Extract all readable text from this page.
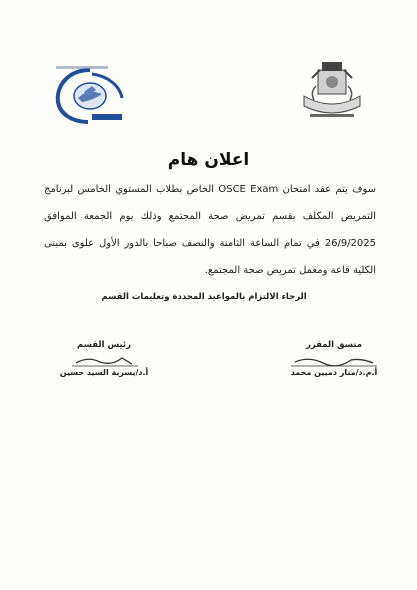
اعلان هام
سوف يتم عقد امتحان OSCE Exam الخاص بطلاب المستوي الخامس لبرنامج التمريض المكلف بقسم تمريض صحة المجتمع وذلك يوم الجمعة الموافق 26/9/2025 في تمام الساعة الثامنة والنصف صباحا بالدور الأول علوى بمبنى الكلية قاعة ومعمل تمريض صحة المجتمع.
الرجاء الالتزام بالمواعيد المحددة وتعليمات القسم
منسق المقرر
أ.م.د/منار دميين محمد
رئيس القسم
أ.د/يسرية السيد حسين
